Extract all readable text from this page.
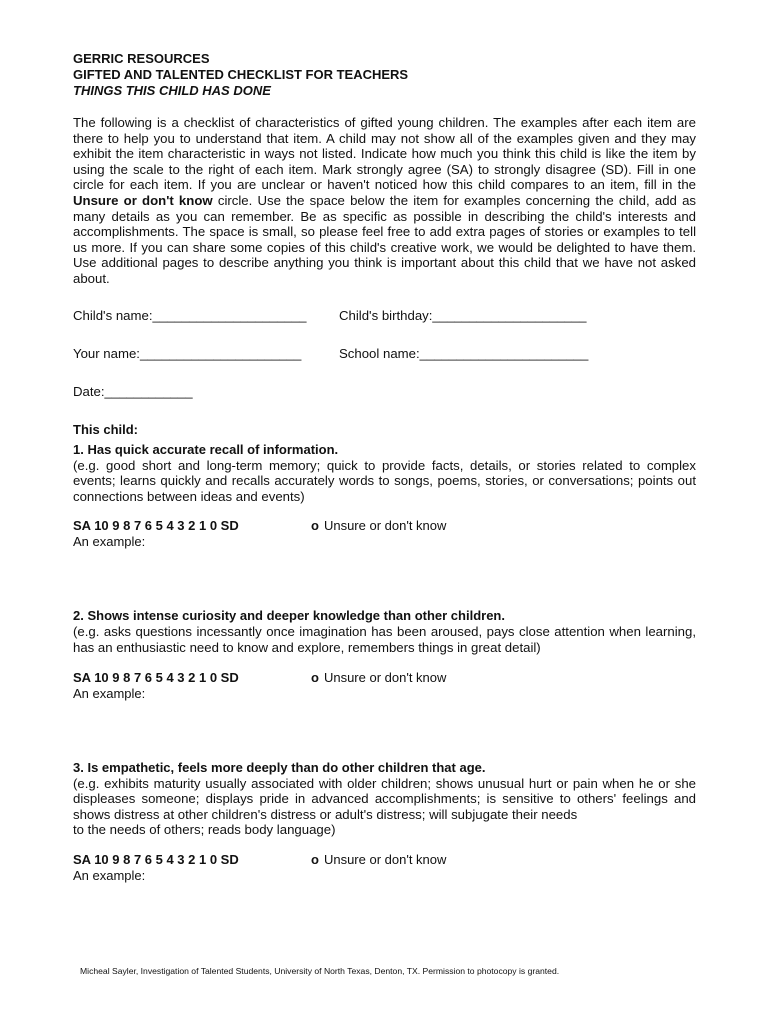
GERRIC RESOURCES

GIFTED AND TALENTED CHECKLIST FOR TEACHERS

THINGS THIS CHILD HAS DONE

The following is a checklist of characteristics of gifted young children. The examples after each item are there to help you to understand that item. A child may not show all of the examples given and they may exhibit the item characteristic in ways not listed. Indicate how much you think this child is like the item by using the scale to the right of each item. Mark strongly agree (SA) to strongly disagree (SD). Fill in one circle for each item. If you are unclear or haven't noticed how this child compares to an item, fill in the Unsure or don't know circle. Use the space below the item for examples concerning the child, add as many details as you can remember. Be as specific as possible in describing the child's interests and accomplishments. The space is small, so please feel free to add extra pages of stories or examples to tell us more. If you can share some copies of this child's creative work, we would be delighted to have them. Use additional pages to describe anything you think is important about this child that we have not asked about.
Child's name:_____________________	Child's birthday:_____________________
Your name:______________________	School name:_______________________
Date:____________
This child:
1. Has quick accurate recall of information.
(e.g. good short and long-term memory; quick to provide facts, details, or stories related to complex events; learns quickly and recalls accurately words to songs, poems, stories, or conversations; points out connections between ideas and events)
SA 10 9 8 7 6 5 4 3 2 1 0 SD	o Unsure or don't know
An example:
2. Shows intense curiosity and deeper knowledge than other children.
(e.g. asks questions incessantly once imagination has been aroused, pays close attention when learning, has an enthusiastic need to know and explore, remembers things in great detail)
SA 10 9 8 7 6 5 4 3 2 1 0 SD	o Unsure or don't know
An example:
3. Is empathetic, feels more deeply than do other children that age.
(e.g. exhibits maturity usually associated with older children; shows unusual hurt or pain when he or she displeases someone; displays pride in advanced accomplishments; is sensitive to others' feelings and shows distress at other children's distress or adult's distress; will subjugate their needs
to the needs of others; reads body language)
SA 10 9 8 7 6 5 4 3 2 1 0 SD	o Unsure or don't know
An example:
Micheal Sayler, Investigation of Talented Students, University of North Texas, Denton, TX. Permission to photocopy is granted.
